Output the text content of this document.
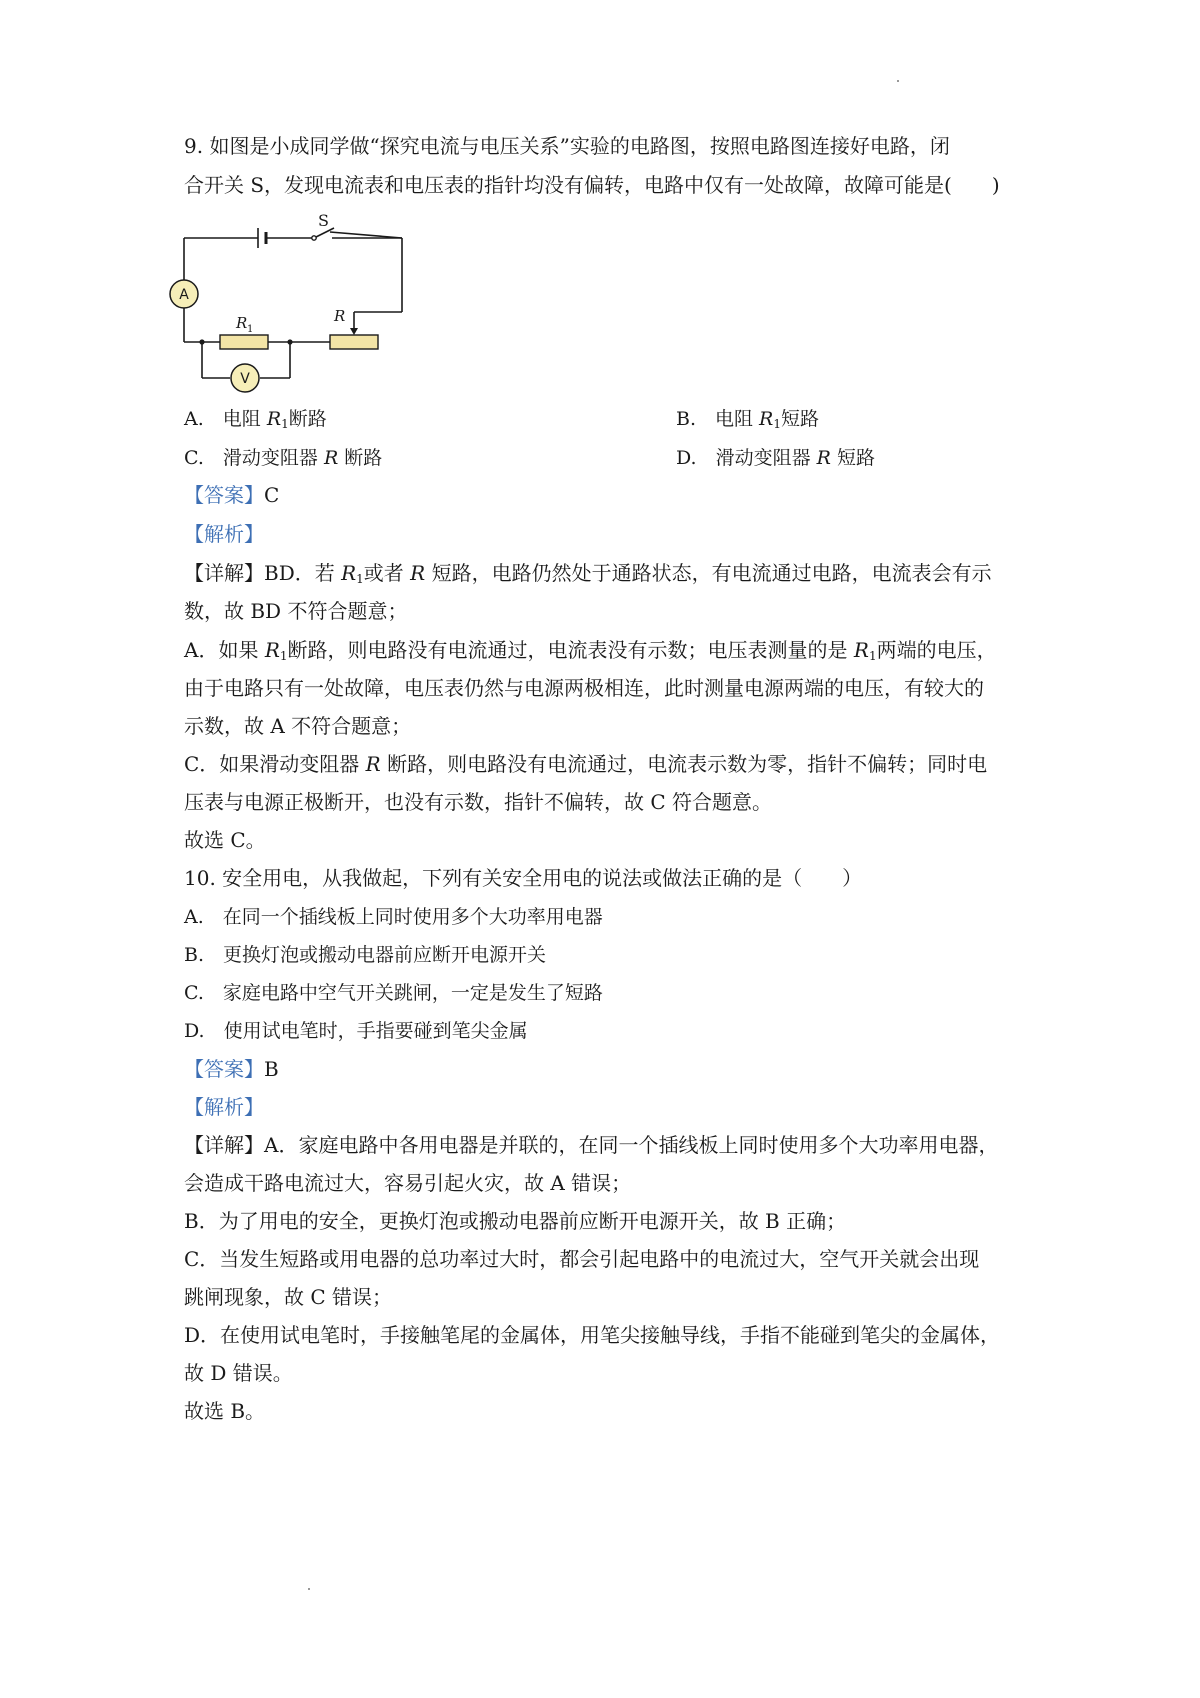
9. 如图是小成同学做“探究电流与电压关系”实验的电路图，按照电路图连接好电路，闭
合开关 S，发现电流表和电压表的指针均没有偏转，电路中仅有一处故障，故障可能是(　　)
S
A
R 1
R
V
A.　电阻 $R_1$断路	B.　电阻 $R_1$短路
C.　滑动变阻器 R 断路	D.　滑动变阻器 R 短路
【答案】C
【解析】
【详解】BD．若 $R_1$或者 R 短路，电路仍然处于通路状态，有电流通过电路，电流表会有示
数，故 BD 不符合题意；
A．如果 $R_1$断路，则电路没有电流通过，电流表没有示数；电压表测量的是 $R_1$两端的电压，
由于电路只有一处故障，电压表仍然与电源两极相连，此时测量电源两端的电压，有较大的
示数，故 A 不符合题意；
C．如果滑动变阻器 R 断路，则电路没有电流通过，电流表示数为零，指针不偏转；同时电
压表与电源正极断开，也没有示数，指针不偏转，故 C 符合题意。
故选 C。
10. 安全用电，从我做起，下列有关安全用电的说法或做法正确的是（　　）
A.　在同一个插线板上同时使用多个大功率用电器
B.　更换灯泡或搬动电器前应断开电源开关
C.　家庭电路中空气开关跳闸，一定是发生了短路
D.　使用试电笔时，手指要碰到笔尖金属
【答案】B
【解析】
【详解】A．家庭电路中各用电器是并联的，在同一个插线板上同时使用多个大功率用电器，
会造成干路电流过大，容易引起火灾，故 A 错误；
B．为了用电的安全，更换灯泡或搬动电器前应断开电源开关，故 B 正确；
C．当发生短路或用电器的总功率过大时，都会引起电路中的电流过大，空气开关就会出现
跳闸现象，故 C 错误；
D．在使用试电笔时，手接触笔尾的金属体，用笔尖接触导线，手指不能碰到笔尖的金属体，
故 D 错误。
故选 B。
